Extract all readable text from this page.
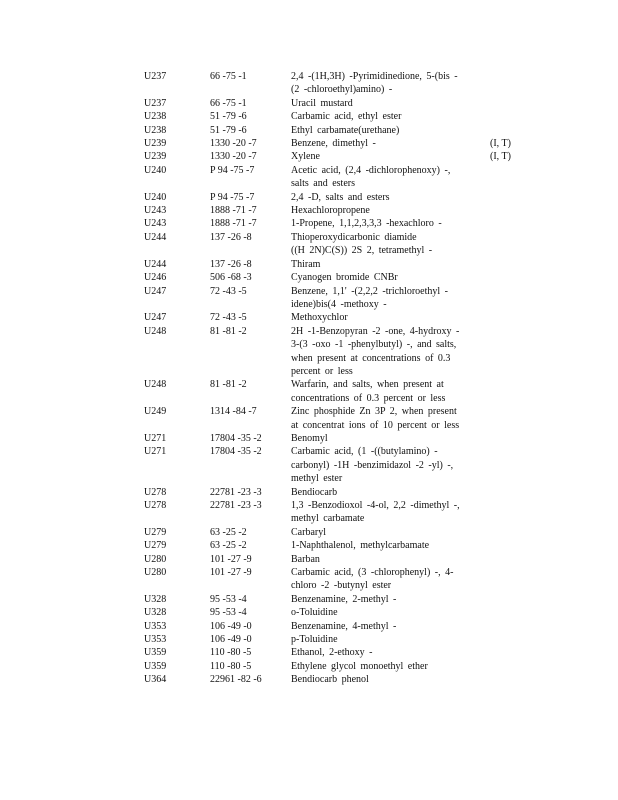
U237	66 -75 -1	2,4 -(1H,3H) -Pyrimidinedione, 5-(bis -
(2 -chloroethyl)amino) -
U237	66 -75 -1	Uracil mustard
U238	51 -79 -6	Carbamic acid, ethyl ester
U238	51 -79 -6	Ethyl carbamate(urethane)
U239	1330 -20 -7	Benzene, dimethyl -	(I, T)
U239	1330 -20 -7	Xylene	(I, T)
U240	P 94 -75 -7	Acetic acid, (2,4 -dichlorophenoxy) -,
salts and esters
U240	P 94 -75 -7	2,4 -D, salts and esters
U243	1888 -71 -7	Hexachloropropene
U243	1888 -71 -7	1-Propene, 1,1,2,3,3,3 -hexachloro -
U244	137 -26 -8	Thioperoxydicarbonic diamide
((H 2N)C(S)) 2S 2, tetramethyl -
U244	137 -26 -8	Thiram
U246	506 -68 -3	Cyanogen bromide CNBr
U247	72 -43 -5	Benzene, 1,1' -(2,2,2 -trichloroethyl -
idene)bis(4 -methoxy -
U247	72 -43 -5	Methoxychlor
U248	81 -81 -2	2H -1-Benzopyran -2 -one, 4-hydroxy -
3-(3 -oxo -1 -phenylbutyl) -, and salts,
when present at concentrations of 0.3
percent or less
U248	81 -81 -2	Warfarin, and salts, when present at
concentrations of 0.3 percent or less
U249	1314 -84 -7	Zinc phosphide Zn 3P 2, when present
at concentrat ions of 10 percent or less
U271	17804 -35 -2	Benomyl
U271	17804 -35 -2	Carbamic acid, (1 -((butylamino) -
carbonyl) -1H -benzimidazol -2 -yl) -,
methyl ester
U278	22781 -23 -3	Bendiocarb
U278	22781 -23 -3	1,3 -Benzodioxol -4-ol, 2,2 -dimethyl -,
methyl carbamate
U279	63 -25 -2	Carbaryl
U279	63 -25 -2	1-Naphthalenol, methylcarbamate
U280	101 -27 -9	Barban
U280	101 -27 -9	Carbamic acid, (3 -chlorophenyl) -, 4-
chloro -2 -butynyl ester
U328	95 -53 -4	Benzenamine, 2-methyl -
U328	95 -53 -4	o-Toluidine
U353	106 -49 -0	Benzenamine, 4-methyl -
U353	106 -49 -0	p-Toluidine
U359	110 -80 -5	Ethanol, 2-ethoxy -
U359	110 -80 -5	Ethylene glycol monoethyl ether
U364	22961 -82 -6	Bendiocarb phenol
